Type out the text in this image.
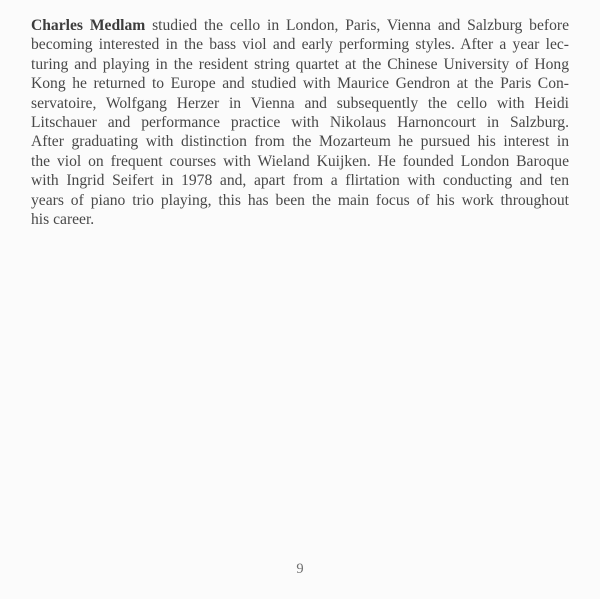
Charles Medlam studied the cello in London, Paris, Vienna and Salzburg before
becoming interested in the bass viol and early performing styles. After a year lec-
turing and playing in the resident string quartet at the Chinese University of Hong
Kong he returned to Europe and studied with Maurice Gendron at the Paris Con-
servatoire, Wolfgang Herzer in Vienna and subsequently the cello with Heidi
Litschauer and performance practice with Nikolaus Harnoncourt in Salzburg.
After graduating with distinction from the Mozarteum he pursued his interest in
the viol on frequent courses with Wieland Kuijken. He founded London Baroque
with Ingrid Seifert in 1978 and, apart from a flirtation with conducting and ten
years of piano trio playing, this has been the main focus of his work throughout
his career.
9
